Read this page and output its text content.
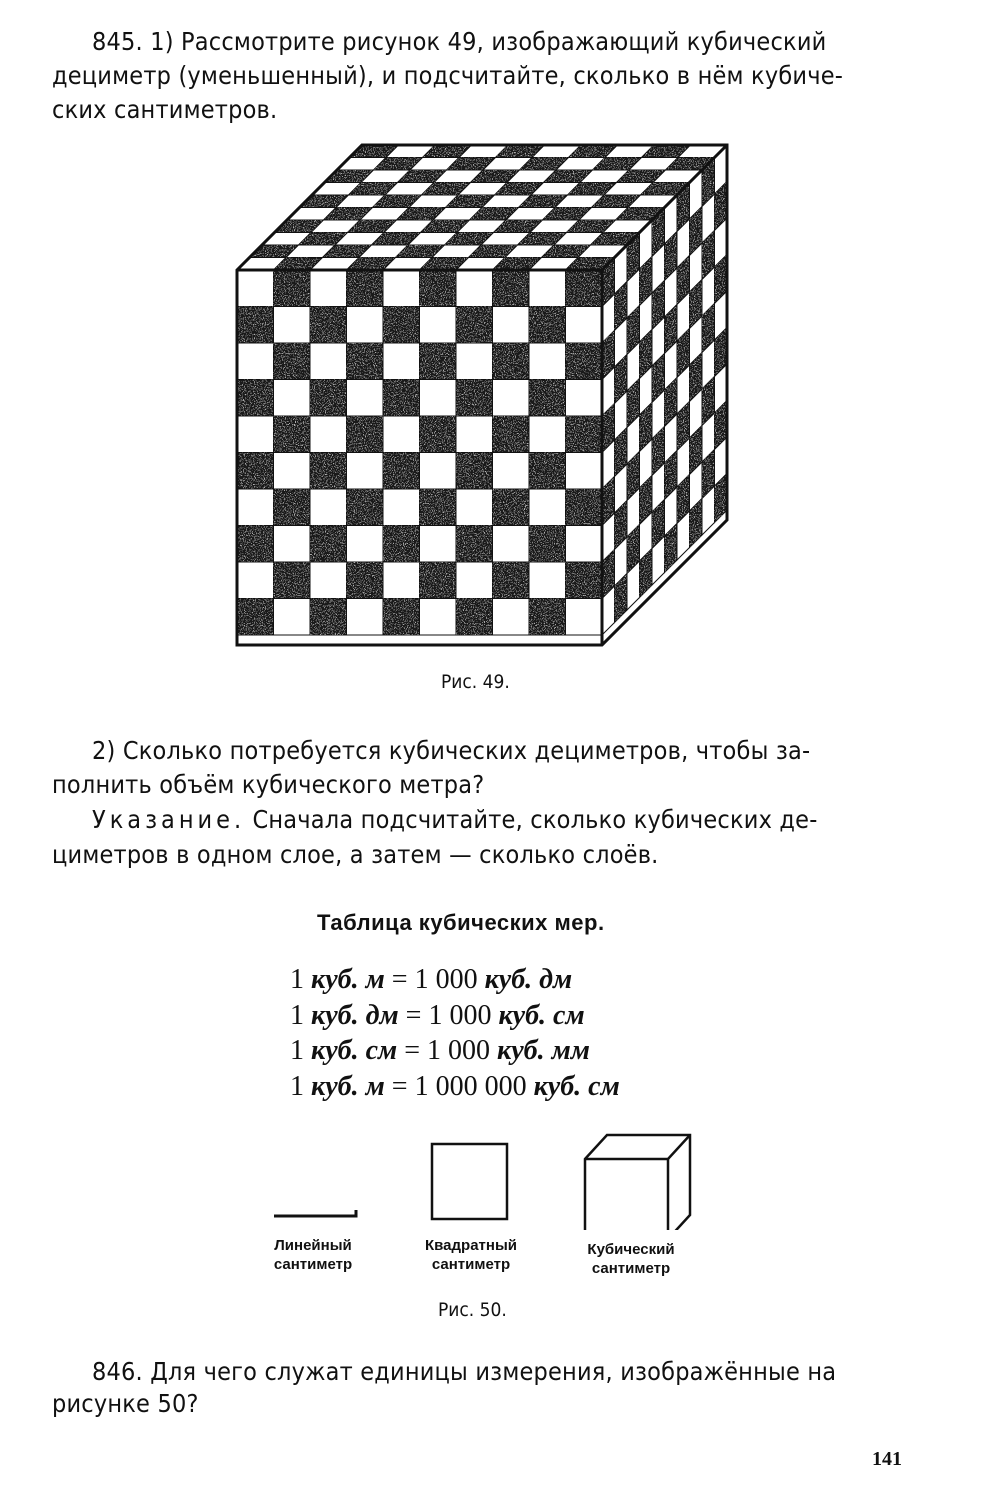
845. 1) Рассмотрите рисунок 49, изображающий кубический
дециметр (уменьшенный), и подсчитайте, сколько в нём кубиче-
ских сантиметров.
Рис. 49.
2) Сколько потребуется кубических дециметров, чтобы за-
полнить объём кубического метра?
Указание. Сначала подсчитайте, сколько кубических де-
циметров в одном слое, а затем — сколько слоёв.
Таблица кубических мер.
1 куб. м = 1 000 куб. дм
1 куб. дм = 1 000 куб. см
1 куб. см = 1 000 куб. мм
1 куб. м = 1 000 000 куб. см
Линейный
сантиметр
Квадратный
сантиметр
Кубический
сантиметр
Рис. 50.
846. Для чего служат единицы измерения, изображённые на
рисунке 50?
141
